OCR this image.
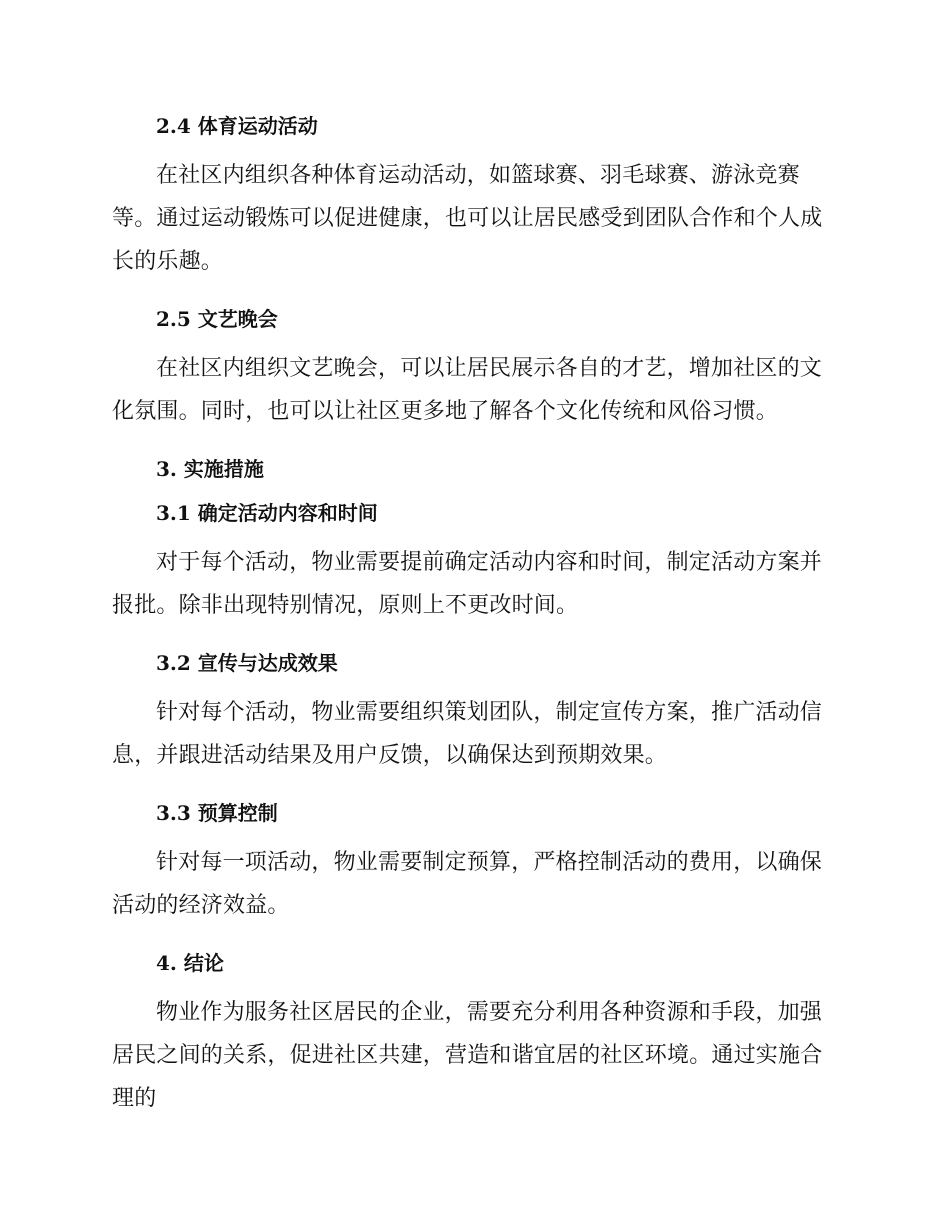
2.4 体育运动活动

在社区内组织各种体育运动活动，如篮球赛、羽毛球赛、游泳竞赛等。通过运动锻炼可以促进健康，也可以让居民感受到团队合作和个人成长的乐趣。

2.5 文艺晚会

在社区内组织文艺晚会，可以让居民展示各自的才艺，增加社区的文化氛围。同时，也可以让社区更多地了解各个文化传统和风俗习惯。

3. 实施措施
3.1 确定活动内容和时间

对于每个活动，物业需要提前确定活动内容和时间，制定活动方案并报批。除非出现特别情况，原则上不更改时间。

3.2 宣传与达成效果

针对每个活动，物业需要组织策划团队，制定宣传方案，推广活动信息，并跟进活动结果及用户反馈，以确保达到预期效果。

3.3 预算控制

针对每一项活动，物业需要制定预算，严格控制活动的费用，以确保活动的经济效益。

4. 结论

物业作为服务社区居民的企业，需要充分利用各种资源和手段，加强居民之间的关系，促进社区共建，营造和谐宜居的社区环境。通过实施合理的
